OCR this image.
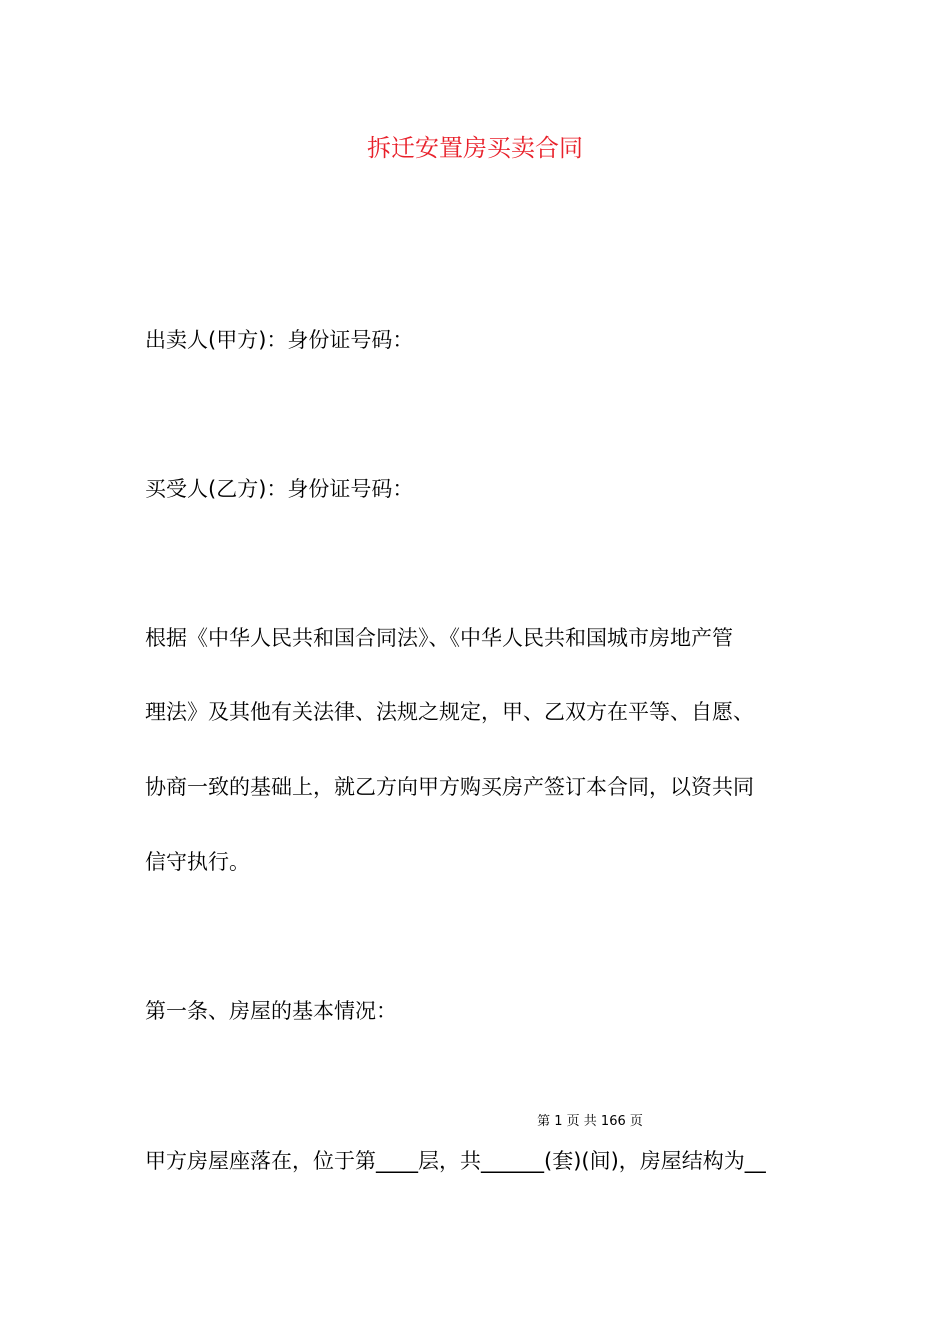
拆迁安置房买卖合同
出卖人(甲方)：身份证号码：
买受人(乙方)：身份证号码：
根据《中华人民共和国合同法》、《中华人民共和国城市房地产管
理法》及其他有关法律、法规之规定，甲、乙双方在平等、自愿、
协商一致的基础上，就乙方向甲方购买房产签订本合同，以资共同
信守执行。
第一条、房屋的基本情况：
第 1 页 共 166 页
甲方房屋座落在，位于第____层，共______(套)(间)，房屋结构为__
